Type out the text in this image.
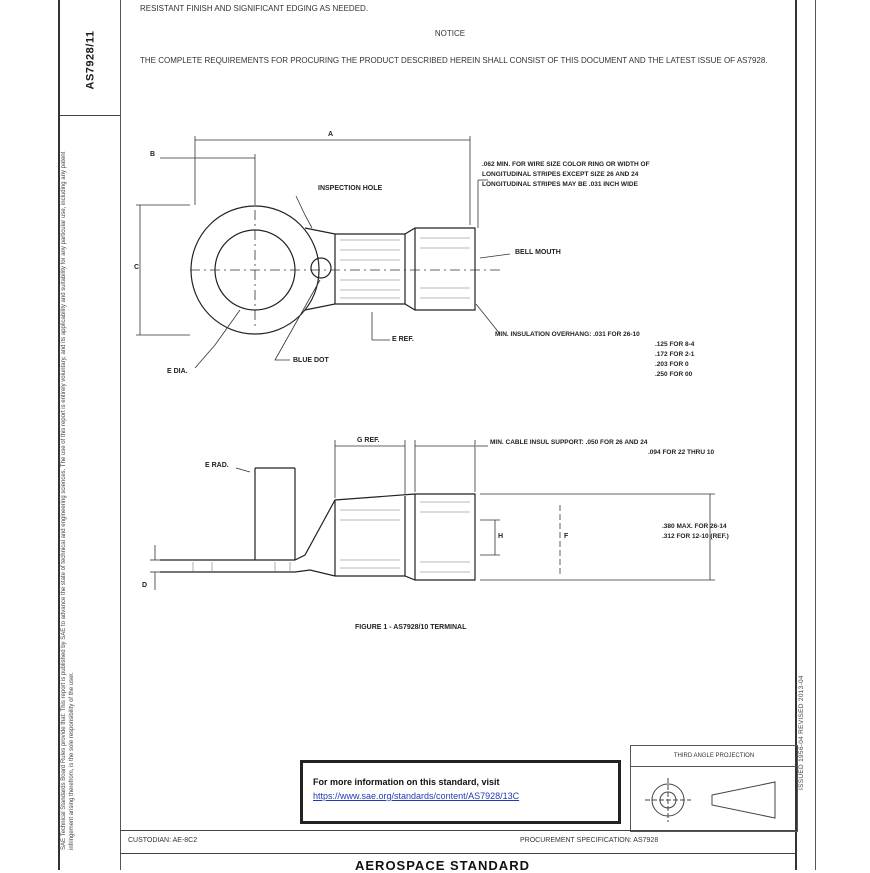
AS7928/11

SAE Technical Standards Board Rules provide that: This report is published by SAE to advance the state of technical and engineering sciences. The use of this report is entirely voluntary, and its applicability and suitability for any particular use, including any patent infringement arising therefrom, is the sole responsibility of the user.	ISSUED 1956-04 REVISED 2013-04
RESISTANT FINISH AND SIGNIFICANT EDGING AS NEEDED.
NOTICE
THE COMPLETE REQUIREMENTS FOR PROCURING THE PRODUCT DESCRIBED HEREIN SHALL CONSIST OF THIS DOCUMENT AND THE LATEST ISSUE OF AS7928.
A
B
C
E DIA.
E REF.
INSPECTION HOLE
BELL MOUTH
BLUE DOT
.062 MIN. FOR WIRE SIZE COLOR RING OR WIDTH OF
LONGITUDINAL STRIPES EXCEPT SIZE 26 AND 24
LONGITUDINAL STRIPES MAY BE .031 INCH WIDE
MIN. INSULATION OVERHANG: .031 FOR 26-10
.125 FOR 8-4
.172 FOR 2-1
.203 FOR 0
.250 FOR 00
G REF.
E RAD.
MIN. CABLE INSUL SUPPORT: .050 FOR 26 AND 24
.094 FOR 22 THRU 10
H	F
.380 MAX. FOR 26-14
.312 FOR 12-10 (REF.)
D
FIGURE 1 - AS7928/10 TERMINAL
For more information on this standard, visit
https://www.sae.org/standards/content/AS7928/13C
THIRD ANGLE PROJECTION
CUSTODIAN: AE-8C2	PROCUREMENT SPECIFICATION: AS7928
AEROSPACE STANDARD
